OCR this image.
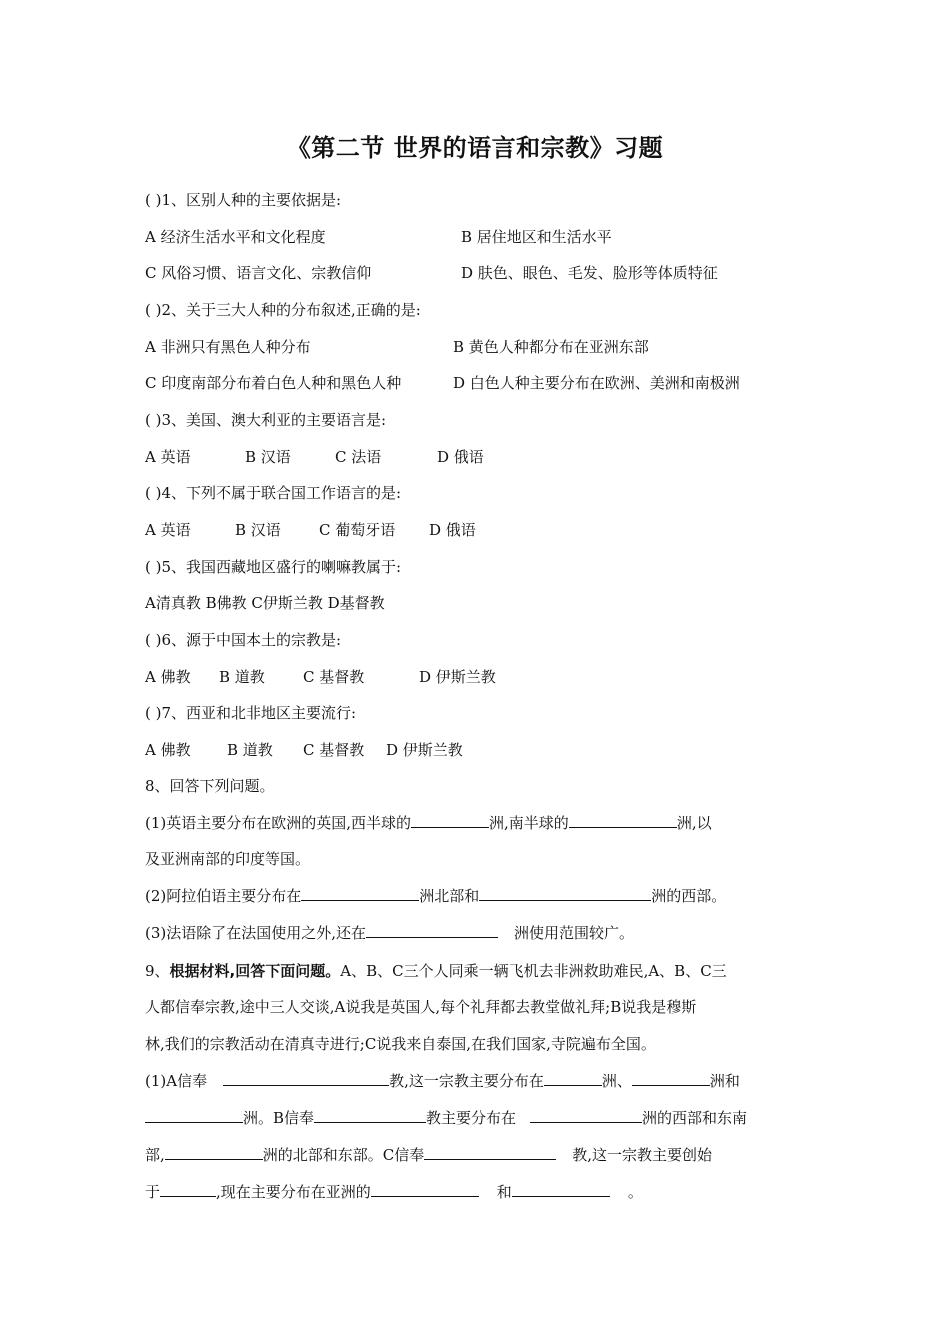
《第二节 世界的语言和宗教》习题
( )1、区别人种的主要依据是:
A 经济生活水平和文化程度	B 居住地区和生活水平
C 风俗习惯、语言文化、宗教信仰	D 肤色、眼色、毛发、脸形等体质特征
( )2、关于三大人种的分布叙述,正确的是:
A 非洲只有黑色人种分布	B 黄色人种都分布在亚洲东部
C 印度南部分布着白色人种和黑色人种	D 白色人种主要分布在欧洲、美洲和南极洲
( )3、美国、澳大利亚的主要语言是:
A 英语	B 汉语	C 法语	D 俄语
( )4、下列不属于联合国工作语言的是:
A 英语	B 汉语	C 葡萄牙语 D 俄语
( )5、我国西藏地区盛行的喇嘛教属于:
A清真教 B佛教 C伊斯兰教 D基督教
( )6、源于中国本土的宗教是:
A 佛教 B 道教	C 基督教	D 伊斯兰教
( )7、西亚和北非地区主要流行:
A 佛教 B 道教 C 基督教 D 伊斯兰教
8、回答下列问题。
(1)英语主要分布在欧洲的英国,西半球的	洲,南半球的	洲,以
及亚洲南部的印度等国。
(2)阿拉伯语主要分布在	洲北部和	洲的西部。
(3)法语除了在法国使用之外,还在	洲使用范围较广。
9、根据材料,回答下面问题。A、B、C三个人同乘一辆飞机去非洲救助难民,A、B、C三
人都信奉宗教,途中三人交谈,A说我是英国人,每个礼拜都去教堂做礼拜;B说我是穆斯
林,我们的宗教活动在清真寺进行;C说我来自泰国,在我们国家,寺院遍布全国。
(1)A信奉	教,这一宗教主要分布在	洲、	洲和
洲。B信奉	教主要分布在	洲的西部和东南
部,	洲的北部和东部。C信奉	教,这一宗教主要创始
于	,现在主要分布在亚洲的	和	。
